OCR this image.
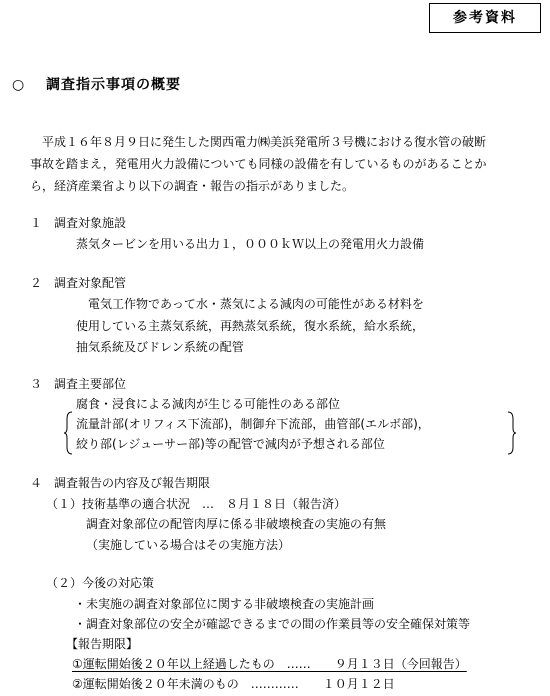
参考資料
○ 調査指示事項の概要
平成１６年８月９日に発生した関西電力㈱美浜発電所３号機における復水管の破断
事故を踏まえ，発電用火力設備についても同様の設備を有しているものがあることか
ら，経済産業省より以下の調査・報告の指示がありました。
１ 調査対象施設
蒸気タービンを用いる出力１，０００ｋＷ以上の発電用火力設備
２ 調査対象配管
電気工作物であって水・蒸気による減肉の可能性がある材料を
使用している主蒸気系統，再熱蒸気系統，復水系統，給水系統，
抽気系統及びドレン系統の配管
３ 調査主要部位
腐食・浸食による減肉が生じる可能性のある部位
流量計部(オリフィス下流部)，制御弁下流部，曲管部(エルボ部)，
絞り部(レジューサー部)等の配管で減肉が予想される部位
４ 調査報告の内容及び報告期限
（１）技術基準の適合状況　…　８月１８日（報告済）
調査対象部位の配管肉厚に係る非破壊検査の実施の有無
（実施している場合はその実施方法）
（２）今後の対応策
・未実施の調査対象部位に関する非破壊検査の実施計画
・調査対象部位の安全が確認できるまでの間の作業員等の安全確保対策等
【報告期限】
①運転開始後２０年以上経過したもの　……　　９月１３日（今回報告）
②運転開始後２０年未満のもの　…………　　１０月１２日
